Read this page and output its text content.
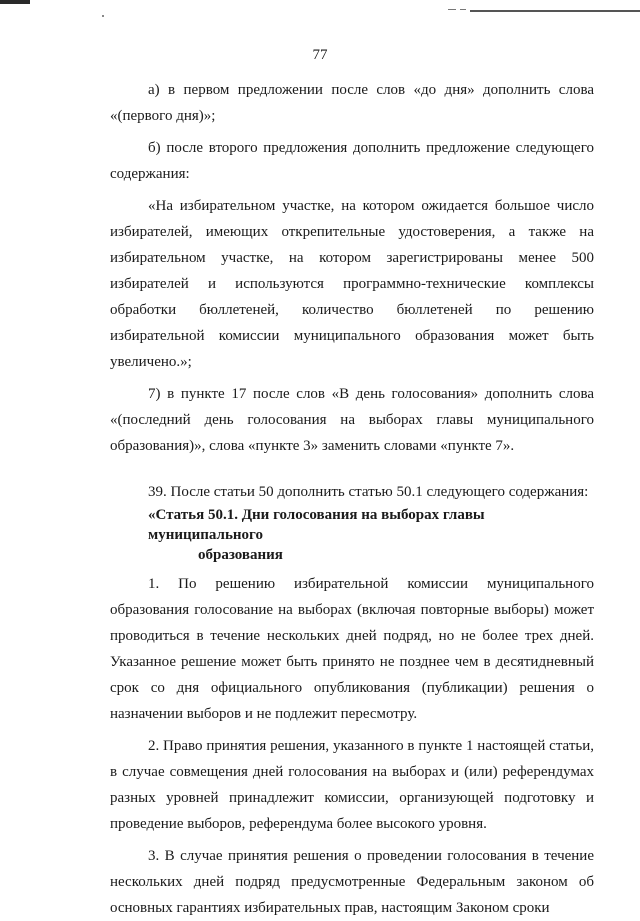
77

а) в первом предложении после слов «до дня» дополнить слова «(первого дня)»;

б) после второго предложения дополнить предложение следующего содержания:

«На избирательном участке, на котором ожидается большое число избирателей, имеющих открепительные удостоверения, а также на избирательном участке, на котором зарегистрированы менее 500 избирателей и используются программно-технические комплексы обработки бюллетеней, количество бюллетеней по решению избирательной комиссии муниципального образования может быть увеличено.»;

7) в пункте 17 после слов «В день голосования» дополнить слова «(последний день голосования на выборах главы муниципального образования)», слова «пункте 3» заменить словами «пункте 7».

39. После статьи 50 дополнить статью 50.1 следующего содержания:

«Статья 50.1. Дни голосования на выборах главы муниципального
образования

1. По решению избирательной комиссии муниципального образования голосование на выборах (включая повторные выборы) может проводиться в течение нескольких дней подряд, но не более трех дней. Указанное решение может быть принято не позднее чем в десятидневный срок со дня официального опубликования (публикации) решения о назначении выборов и не подлежит пересмотру.

2. Право принятия решения, указанного в пункте 1 настоящей статьи, в случае совмещения дней голосования на выборах и (или) референдумах разных уровней принадлежит комиссии, организующей подготовку и проведение выборов, референдума более высокого уровня.

3. В случае принятия решения о проведении голосования в течение нескольких дней подряд предусмотренные Федеральным законом об основных гарантиях избирательных прав, настоящим Законом сроки
